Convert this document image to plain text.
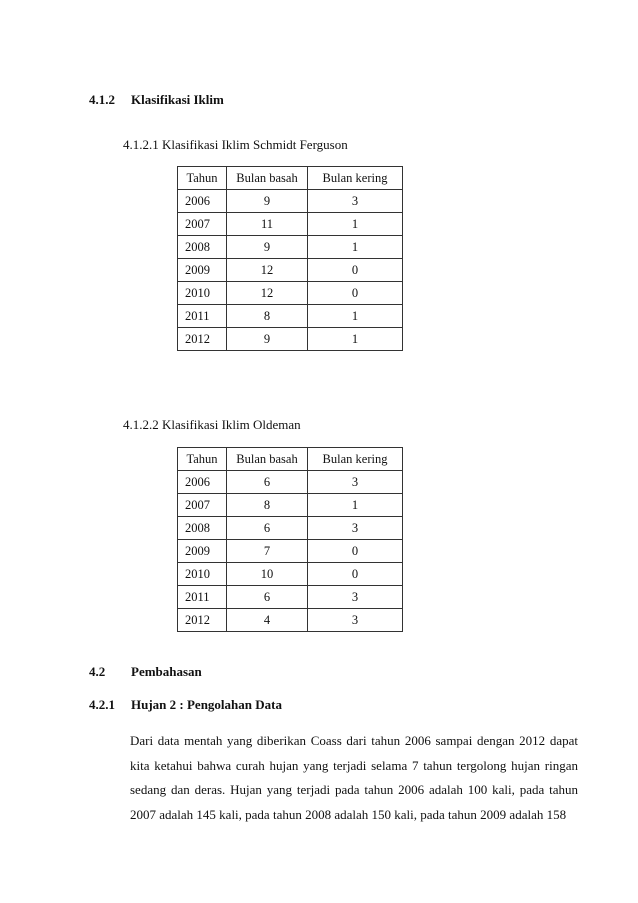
4.1.2 Klasifikasi Iklim
4.1.2.1 Klasifikasi Iklim Schmidt Ferguson
Tahun	Bulan basah	Bulan kering
2006	9	3
2007	11	1
2008	9	1
2009	12	0
2010	12	0
2011	8	1
2012	9	1
4.1.2.2 Klasifikasi Iklim Oldeman
Tahun	Bulan basah	Bulan kering
2006	6	3
2007	8	1
2008	6	3
2009	7	0
2010	10	0
2011	6	3
2012	4	3
4.2 Pembahasan
4.2.1 Hujan 2 : Pengolahan Data
Dari data mentah yang diberikan Coass dari tahun 2006 sampai dengan 2012 dapat kita ketahui bahwa curah hujan yang terjadi selama 7 tahun tergolong hujan ringan sedang dan deras. Hujan yang terjadi pada tahun 2006 adalah 100 kali, pada tahun 2007 adalah 145 kali, pada tahun 2008 adalah 150 kali, pada tahun 2009 adalah 158
